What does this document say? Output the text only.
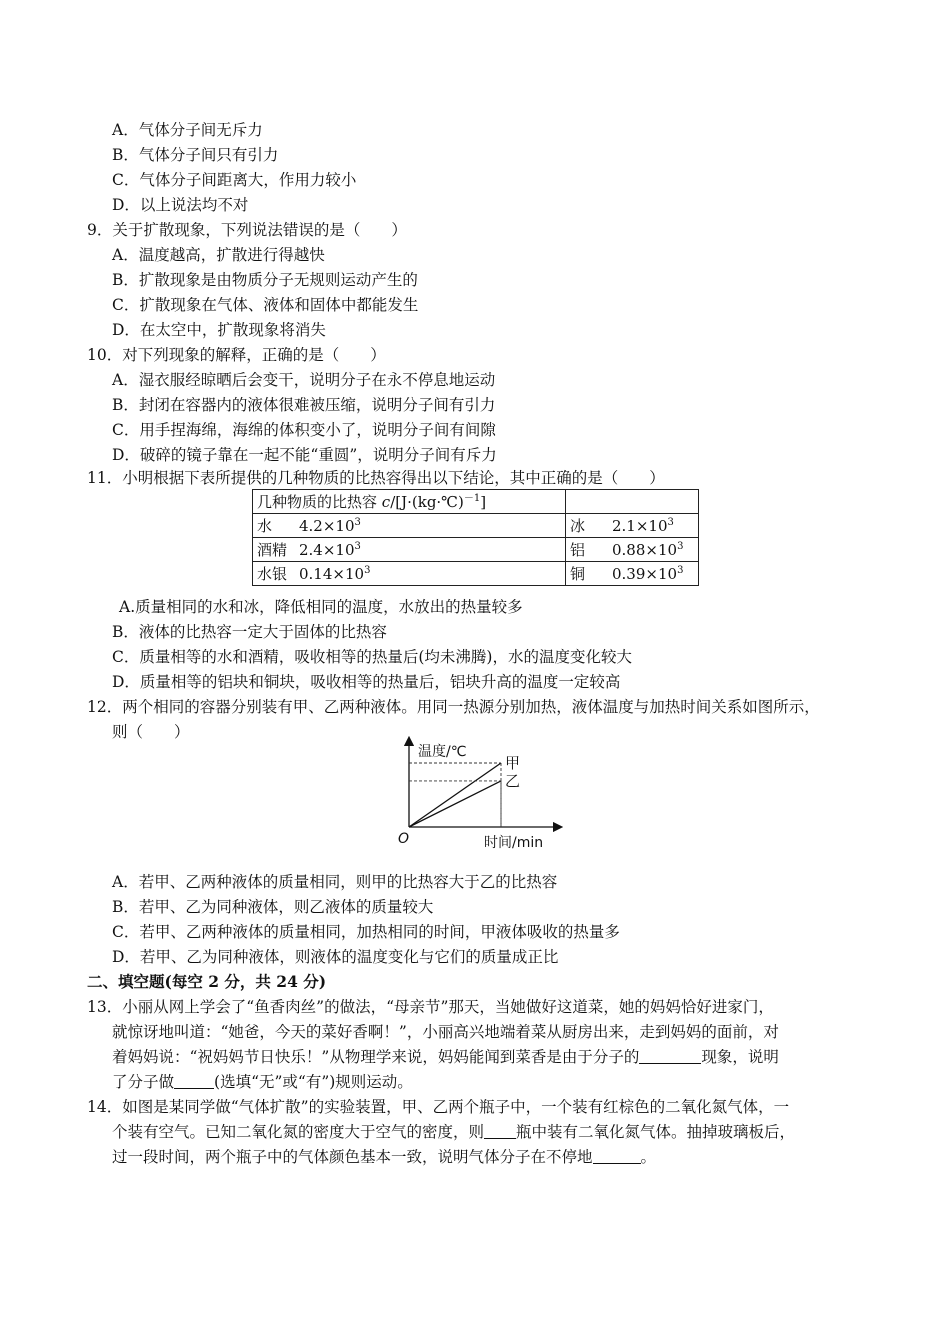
A．气体分子间无斥力
B．气体分子间只有引力
C．气体分子间距离大，作用力较小
D．以上说法均不对
9．关于扩散现象，下列说法错误的是（　　）
A．温度越高，扩散进行得越快
B．扩散现象是由物质分子无规则运动产生的
C．扩散现象在气体、液体和固体中都能发生
D．在太空中，扩散现象将消失
10．对下列现象的解释，正确的是（　　）
A．湿衣服经晾晒后会变干，说明分子在永不停息地运动
B．封闭在容器内的液体很难被压缩，说明分子间有引力
C．用手捏海绵，海绵的体积变小了，说明分子间有间隙
D．破碎的镜子靠在一起不能“重圆”，说明分子间有斥力
11．小明根据下表所提供的几种物质的比热容得出以下结论，其中正确的是（　　）
几种物质的比热容 c/[J·(kg·℃)$^{-1}$]	
水 $4.2\times 10^3$	冰 $2.1\times 10^3$
酒精 $2.4\times 10^3$	铝 $0.88\times 10^3$
水银 $0.14\times 10^3$	铜 $0.39\times 10^3$
A.质量相同的水和冰，降低相同的温度，水放出的热量较多
B．液体的比热容一定大于固体的比热容
C．质量相等的水和酒精，吸收相等的热量后(均未沸腾)，水的温度变化较大
D．质量相等的铝块和铜块，吸收相等的热量后，铝块升高的温度一定较高
12．两个相同的容器分别装有甲、乙两种液体。用同一热源分别加热，液体温度与加热时间关系如图所示，
则（　　）
温度/℃
时间/min
O
甲
乙
A．若甲、乙两种液体的质量相同，则甲的比热容大于乙的比热容
B．若甲、乙为同种液体，则乙液体的质量较大
C．若甲、乙两种液体的质量相同，加热相同的时间，甲液体吸收的热量多
D．若甲、乙为同种液体，则液体的温度变化与它们的质量成正比
二、填空题(每空 2 分，共 24 分)
13．小丽从网上学会了“鱼香肉丝”的做法，“母亲节”那天，当她做好这道菜，她的妈妈恰好进家门，
就惊讶地叫道：“她爸，今天的菜好香啊！”，小丽高兴地端着菜从厨房出来，走到妈妈的面前，对
着妈妈说：“祝妈妈节日快乐！”从物理学来说，妈妈能闻到菜香是由于分子的	现象，说明
了分子做	(选填“无”或“有”)规则运动。
14．如图是某同学做“气体扩散”的实验装置，甲、乙两个瓶子中，一个装有红棕色的二氧化氮气体，一
个装有空气。已知二氧化氮的密度大于空气的密度，则 瓶中装有二氧化氮气体。抽掉玻璃板后，
过一段时间，两个瓶子中的气体颜色基本一致，说明气体分子在不停地	。
